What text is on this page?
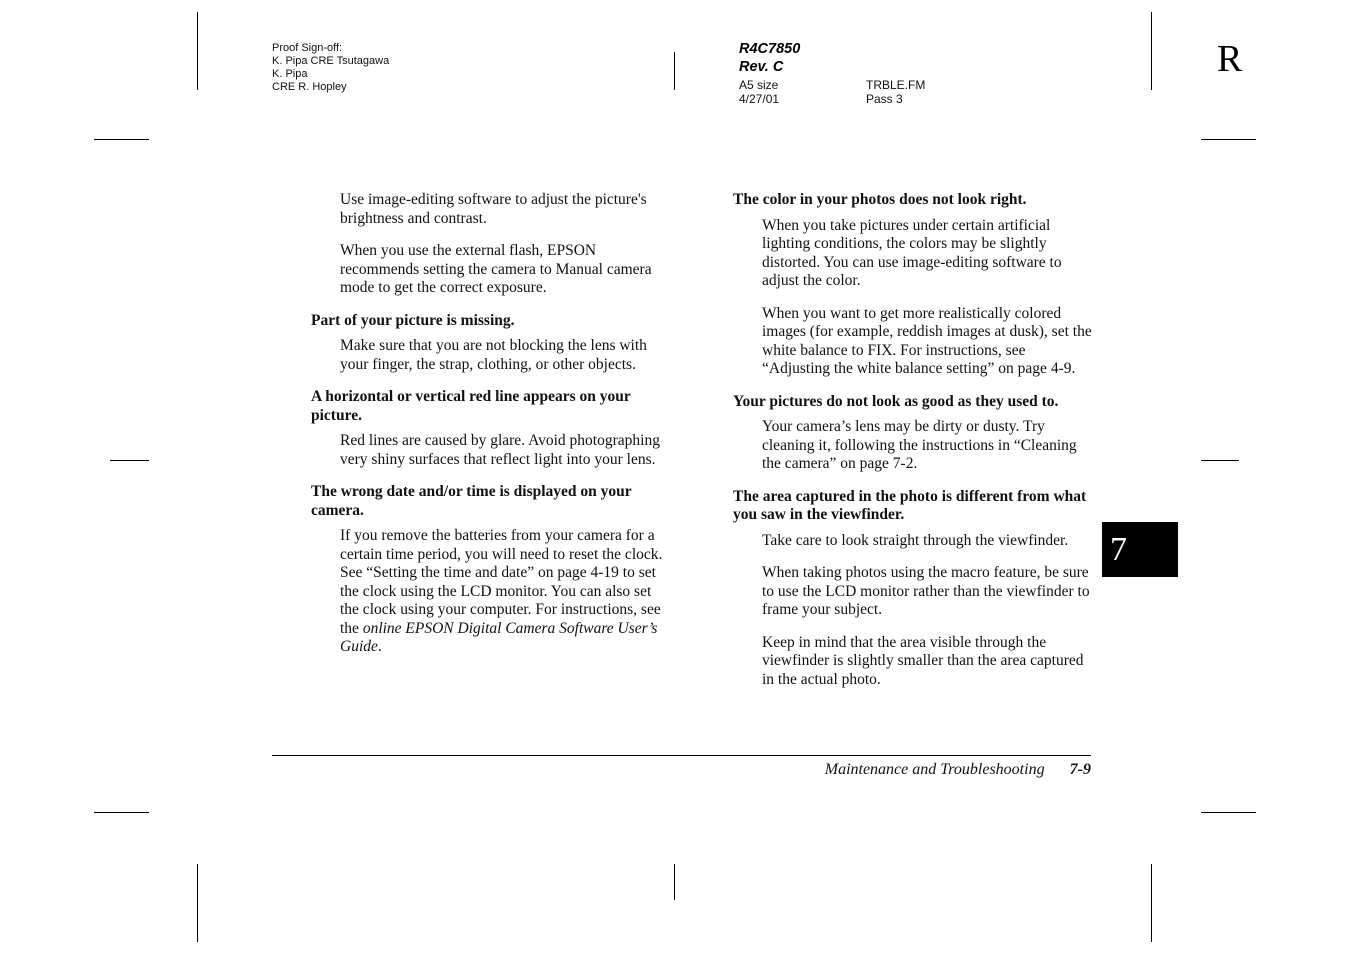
Proof Sign-off:
K. Pipa CRE Tsutagawa
K. Pipa
CRE R. Hopley
R4C7850
Rev. C
A5 size
4/27/01
TRBLE.FM
Pass 3
R

Use image-editing software to adjust the picture's brightness and contrast.

When you use the external flash, EPSON recommends setting the camera to Manual camera mode to get the correct exposure.

Part of your picture is missing.

Make sure that you are not blocking the lens with your finger, the strap, clothing, or other objects.

A horizontal or vertical red line appears on your picture.

Red lines are caused by glare. Avoid photographing very shiny surfaces that reflect light into your lens.

The wrong date and/or time is displayed on your camera.

If you remove the batteries from your camera for a certain time period, you will need to reset the clock. See “Setting the time and date” on page 4-19 to set the clock using the LCD monitor. You can also set the clock using your computer. For instructions, see the online EPSON Digital Camera Software User’s Guide.

The color in your photos does not look right.

When you take pictures under certain artificial lighting conditions, the colors may be slightly distorted. You can use image-editing software to adjust the color.

When you want to get more realistically colored images (for example, reddish images at dusk), set the white balance to FIX. For instructions, see “Adjusting the white balance setting” on page 4-9.

Your pictures do not look as good as they used to.

Your camera’s lens may be dirty or dusty. Try cleaning it, following the instructions in “Cleaning the camera” on page 7-2.

The area captured in the photo is different from what you saw in the viewfinder.

Take care to look straight through the viewfinder.

When taking photos using the macro feature, be sure to use the LCD monitor rather than the viewfinder to frame your subject.

Keep in mind that the area visible through the viewfinder is slightly smaller than the area captured in the actual photo.

7
Maintenance and Troubleshooting 7-9
